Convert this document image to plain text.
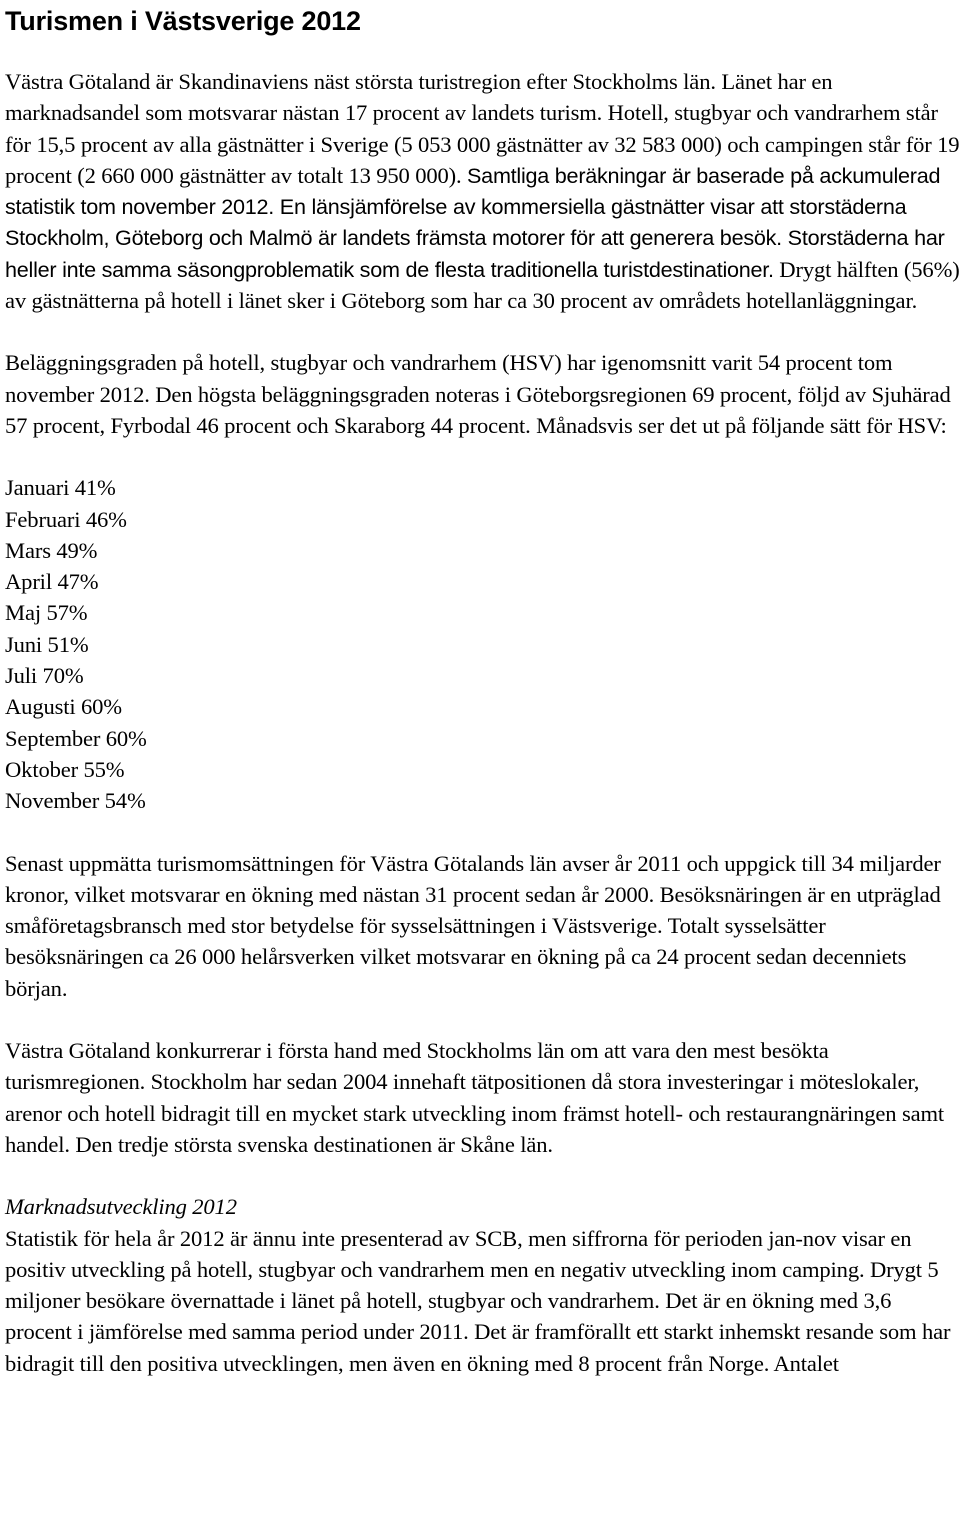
Turismen i Västsverige 2012

Västra Götaland är Skandinaviens näst största turistregion efter Stockholms län. Länet har en marknadsandel som motsvarar nästan 17 procent av landets turism. Hotell, stugbyar och vandrarhem står för 15,5 procent av alla gästnätter i Sverige (5 053 000 gästnätter av 32 583 000) och campingen står för 19 procent (2 660 000 gästnätter av totalt 13 950 000). Samtliga beräkningar är baserade på ackumulerad statistik tom november 2012. En länsjämförelse av kommersiella gästnätter visar att storstäderna Stockholm, Göteborg och Malmö är landets främsta motorer för att generera besök. Storstäderna har heller inte samma säsongproblematik som de flesta traditionella turistdestinationer. Drygt hälften (56%) av gästnätterna på hotell i länet sker i Göteborg som har ca 30 procent av områdets hotellanläggningar.

Beläggningsgraden på hotell, stugbyar och vandrarhem (HSV) har igenomsnitt varit 54 procent tom november 2012. Den högsta beläggningsgraden noteras i Göteborgsregionen 69 procent, följd av Sjuhärad 57 procent, Fyrbodal 46 procent och Skaraborg 44 procent. Månadsvis ser det ut på följande sätt för HSV:

Januari 41%
Februari 46%
Mars 49%
April 47%
Maj 57%
Juni 51%
Juli 70%
Augusti 60%
September 60%
Oktober 55%
November 54%

Senast uppmätta turismomsättningen för Västra Götalands län avser år 2011 och uppgick till 34 miljarder kronor, vilket motsvarar en ökning med nästan 31 procent sedan år 2000. Besöksnäringen är en utpräglad småföretagsbransch med stor betydelse för sysselsättningen i Västsverige. Totalt sysselsätter besöksnäringen ca 26 000 helårsverken vilket motsvarar en ökning på ca 24 procent sedan decenniets början.

Västra Götaland konkurrerar i första hand med Stockholms län om att vara den mest besökta turismregionen. Stockholm har sedan 2004 innehaft tätpositionen då stora investeringar i möteslokaler, arenor och hotell bidragit till en mycket stark utveckling inom främst hotell- och restaurangnäringen samt handel. Den tredje största svenska destinationen är Skåne län.

Marknadsutveckling 2012

Statistik för hela år 2012 är ännu inte presenterad av SCB, men siffrorna för perioden jan-nov visar en positiv utveckling på hotell, stugbyar och vandrarhem men en negativ utveckling inom camping. Drygt 5 miljoner besökare övernattade i länet på hotell, stugbyar och vandrarhem. Det är en ökning med 3,6 procent i jämförelse med samma period under 2011. Det är framförallt ett starkt inhemskt resande som har bidragit till den positiva utvecklingen, men även en ökning med 8 procent från Norge. Antalet
